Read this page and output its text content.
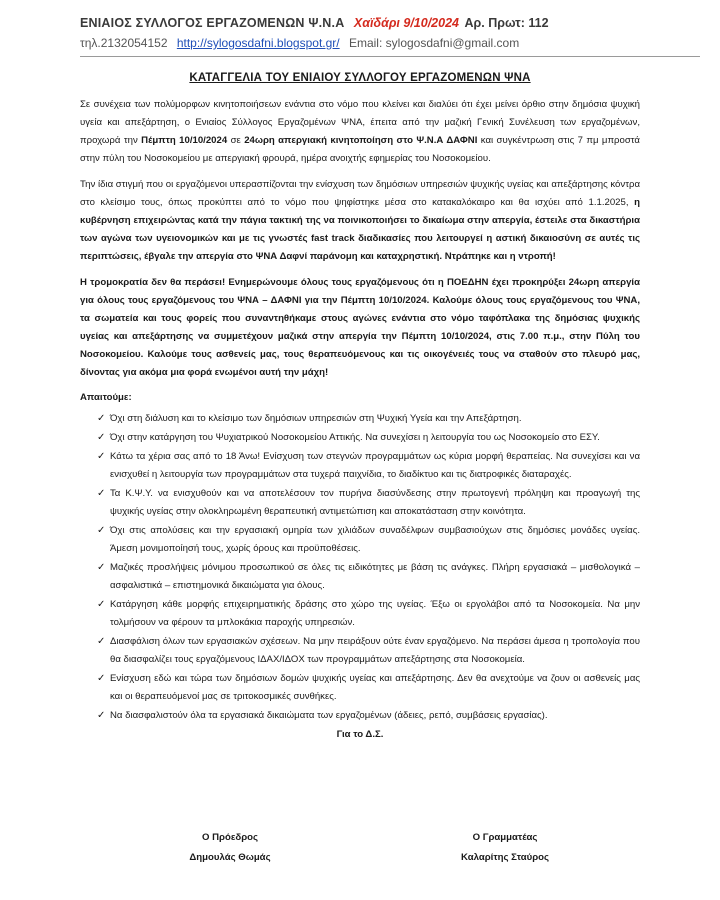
ΕΝΙΑΙΟΣ ΣΥΛΛΟΓΟΣ ΕΡΓΑΖΟΜΕΝΩΝ Ψ.Ν.Α Χαϊδάρι 9/10/2024 Αρ. Πρωτ: 112
τηλ.2132054152 http://sylogosdafni.blogspot.gr/ Email: sylogosdafni@gmail.com
ΚΑΤΑΓΓΕΛΙΑ ΤΟΥ ΕΝΙΑΙΟΥ ΣΥΛΛΟΓΟΥ ΕΡΓΑΖΟΜΕΝΩΝ ΨΝΑ

Σε συνέχεια των πολύμορφων κινητοποιήσεων ενάντια στο νόμο που κλείνει και διαλύει ότι έχει μείνει όρθιο στην δημόσια ψυχική υγεία και απεξάρτηση, ο Ενιαίος Σύλλογος Εργαζομένων ΨΝΑ, έπειτα από την μαζική Γενική Συνέλευση των εργαζομένων, προχωρά την Πέμπτη 10/10/2024 σε 24ωρη απεργιακή κινητοποίηση στο Ψ.Ν.Α ΔΑΦΝΙ και συγκέντρωση στις 7 πμ μπροστά στην πύλη του Νοσοκομείου με απεργιακή φρουρά, ημέρα ανοιχτής εφημερίας του Νοσοκομείου.

Την ίδια στιγμή που οι εργαζόμενοι υπερασπίζονται την ενίσχυση των δημόσιων υπηρεσιών ψυχικής υγείας και απεξάρτησης κόντρα στο κλείσιμο τους, όπως προκύπτει από το νόμο που ψηφίστηκε μέσα στο κατακαλόκαιρο και θα ισχύει από 1.1.2025, η κυβέρνηση επιχειρώντας κατά την πάγια τακτική της να ποινικοποιήσει το δικαίωμα στην απεργία, έστειλε στα δικαστήρια των αγώνα των υγειονομικών και με τις γνωστές fast track διαδικασίες που λειτουργεί η αστική δικαιοσύνη σε αυτές τις περιπτώσεις, έβγαλε την απεργία στο ΨΝΑ Δαφνί παράνομη και καταχρηστική. Ντράπηκε και η ντροπή!

Η τρομοκρατία δεν θα περάσει! Ενημερώνουμε όλους τους εργαζόμενους ότι η ΠΟΕΔΗΝ έχει προκηρύξει 24ωρη απεργία για όλους τους εργαζόμενους του ΨΝΑ – ΔΑΦΝΙ για την Πέμπτη 10/10/2024. Καλούμε όλους τους εργαζόμενους του ΨΝΑ, τα σωματεία και τους φορείς που συναντηθήκαμε στους αγώνες ενάντια στο νόμο ταφόπλακα της δημόσιας ψυχικής υγείας και απεξάρτησης να συμμετέχουν μαζικά στην απεργία την Πέμπτη 10/10/2024, στις 7.00 π.μ., στην Πύλη του Νοσοκομείου. Καλούμε τους ασθενείς μας, τους θεραπευόμενους και τις οικογένειές τους να σταθούν στο πλευρό μας, δίνοντας για ακόμα μια φορά ενωμένοι αυτή την μάχη!

Απαιτούμε:
✓ Όχι στη διάλυση και το κλείσιμο των δημόσιων υπηρεσιών στη Ψυχική Υγεία και την Απεξάρτηση.
✓ Όχι στην κατάργηση του Ψυχιατρικού Νοσοκομείου Αττικής. Να συνεχίσει η λειτουργία του ως Νοσοκομείο στο ΕΣΥ.
✓ Κάτω τα χέρια σας από το 18 Άνω! Ενίσχυση των στεγνών προγραμμάτων ως κύρια μορφή θεραπείας. Να συνεχίσει και να ενισχυθεί η λειτουργία των προγραμμάτων στα τυχερά παιχνίδια, το διαδίκτυο και τις διατροφικές διαταραχές.
✓ Τα Κ.Ψ.Υ. να ενισχυθούν και να αποτελέσουν τον πυρήνα διασύνδεσης στην πρωτογενή πρόληψη και προαγωγή της ψυχικής υγείας στην ολοκληρωμένη θεραπευτική αντιμετώπιση και αποκατάσταση στην κοινότητα.
✓ Όχι στις απολύσεις και την εργασιακή ομηρία των χιλιάδων συναδέλφων συμβασιούχων στις δημόσιες μονάδες υγείας. Άμεση μονιμοποίησή τους, χωρίς όρους και προϋποθέσεις.
✓ Μαζικές προσλήψεις μόνιμου προσωπικού σε όλες τις ειδικότητες με βάση τις ανάγκες. Πλήρη εργασιακά – μισθολογικά – ασφαλιστικά – επιστημονικά δικαιώματα για όλους.
✓ Κατάργηση κάθε μορφής επιχειρηματικής δράσης στο χώρο της υγείας. Έξω οι εργολάβοι από τα Νοσοκομεία. Να μην τολμήσουν να φέρουν τα μπλοκάκια παροχής υπηρεσιών.
✓ Διασφάλιση όλων των εργασιακών σχέσεων. Να μην πειράξουν ούτε έναν εργαζόμενο. Να περάσει άμεσα η τροπολογία που θα διασφαλίζει τους εργαζόμενους ΙΔΑΧ/ΙΔΟΧ των προγραμμάτων απεξάρτησης στα Νοσοκομεία.
✓ Ενίσχυση εδώ και τώρα των δημόσιων δομών ψυχικής υγείας και απεξάρτησης. Δεν θα ανεχτούμε να ζουν οι ασθενείς μας και οι θεραπευόμενοί μας σε τριτοκοσμικές συνθήκες.
✓ Να διασφαλιστούν όλα τα εργασιακά δικαιώματα των εργαζομένων (άδειες, ρεπό, συμβάσεις εργασίας).
Για το Δ.Σ.
Ο Πρόεδρος
Δημουλάς Θωμάς
Ο Γραμματέας
Καλαρίτης Σταύρος
